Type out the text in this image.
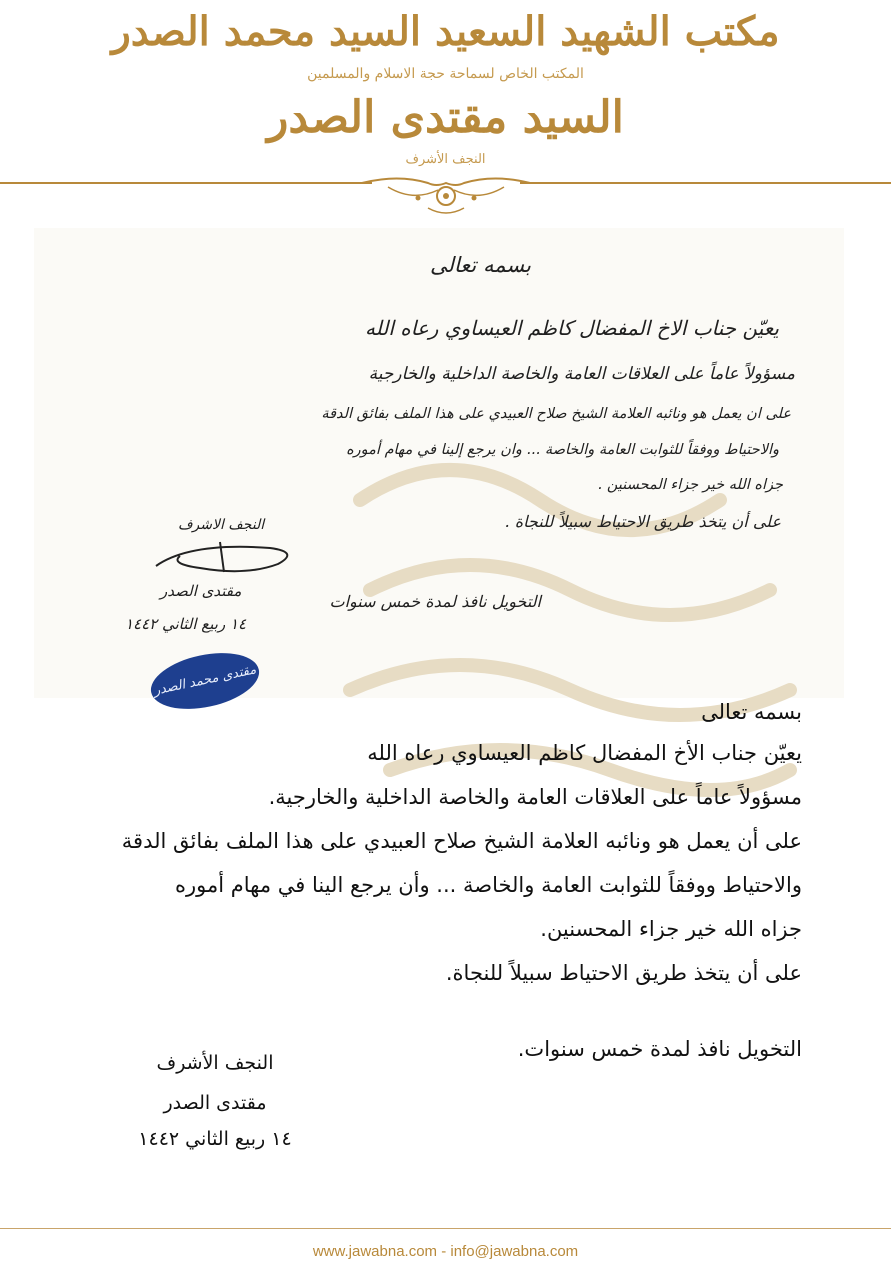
مكتب الشهيد السعيد السيد محمد الصدر
المكتب الخاص لسماحة حجة الاسلام والمسلمين
السيد مقتدى الصدر
النجف الأشرف
بسمه تعالى
يعيّن جناب الاخ المفضال كاظم العيساوي رعاه الله
مسؤولاً عاماً على العلاقات العامة والخاصة الداخلية والخارجية
على ان يعمل هو ونائبه العلامة الشيخ صلاح العبيدي على هذا الملف بفائق الدقة
والاحتياط ووفقاً للثوابت العامة والخاصة ... وان يرجع إلينا في مهام أموره
جزاه الله خير جزاء المحسنين .
على أن يتخذ طريق الاحتياط سبيلاً للنجاة .
التخويل نافذ لمدة خمس سنوات
النجف الاشرف
مقتدى الصدر
١٤ ربيع الثاني ١٤٤٢
مقتدى محمد الصدر
بسمه تعالى
يعيّن جناب الأخ المفضال كاظم العيساوي رعاه الله
مسؤولاً عاماً على العلاقات العامة والخاصة الداخلية والخارجية.
على أن يعمل هو ونائبه العلامة الشيخ صلاح العبيدي على هذا الملف بفائق الدقة
والاحتياط ووفقاً للثوابت العامة والخاصة ... وأن يرجع الينا في مهام أموره
جزاه الله خير جزاء المحسنين.
على أن يتخذ طريق الاحتياط سبيلاً للنجاة.
التخويل نافذ لمدة خمس سنوات.
النجف الأشرف
مقتدى الصدر
١٤ ربيع الثاني ١٤٤٢
www.jawabna.com - info@jawabna.com
